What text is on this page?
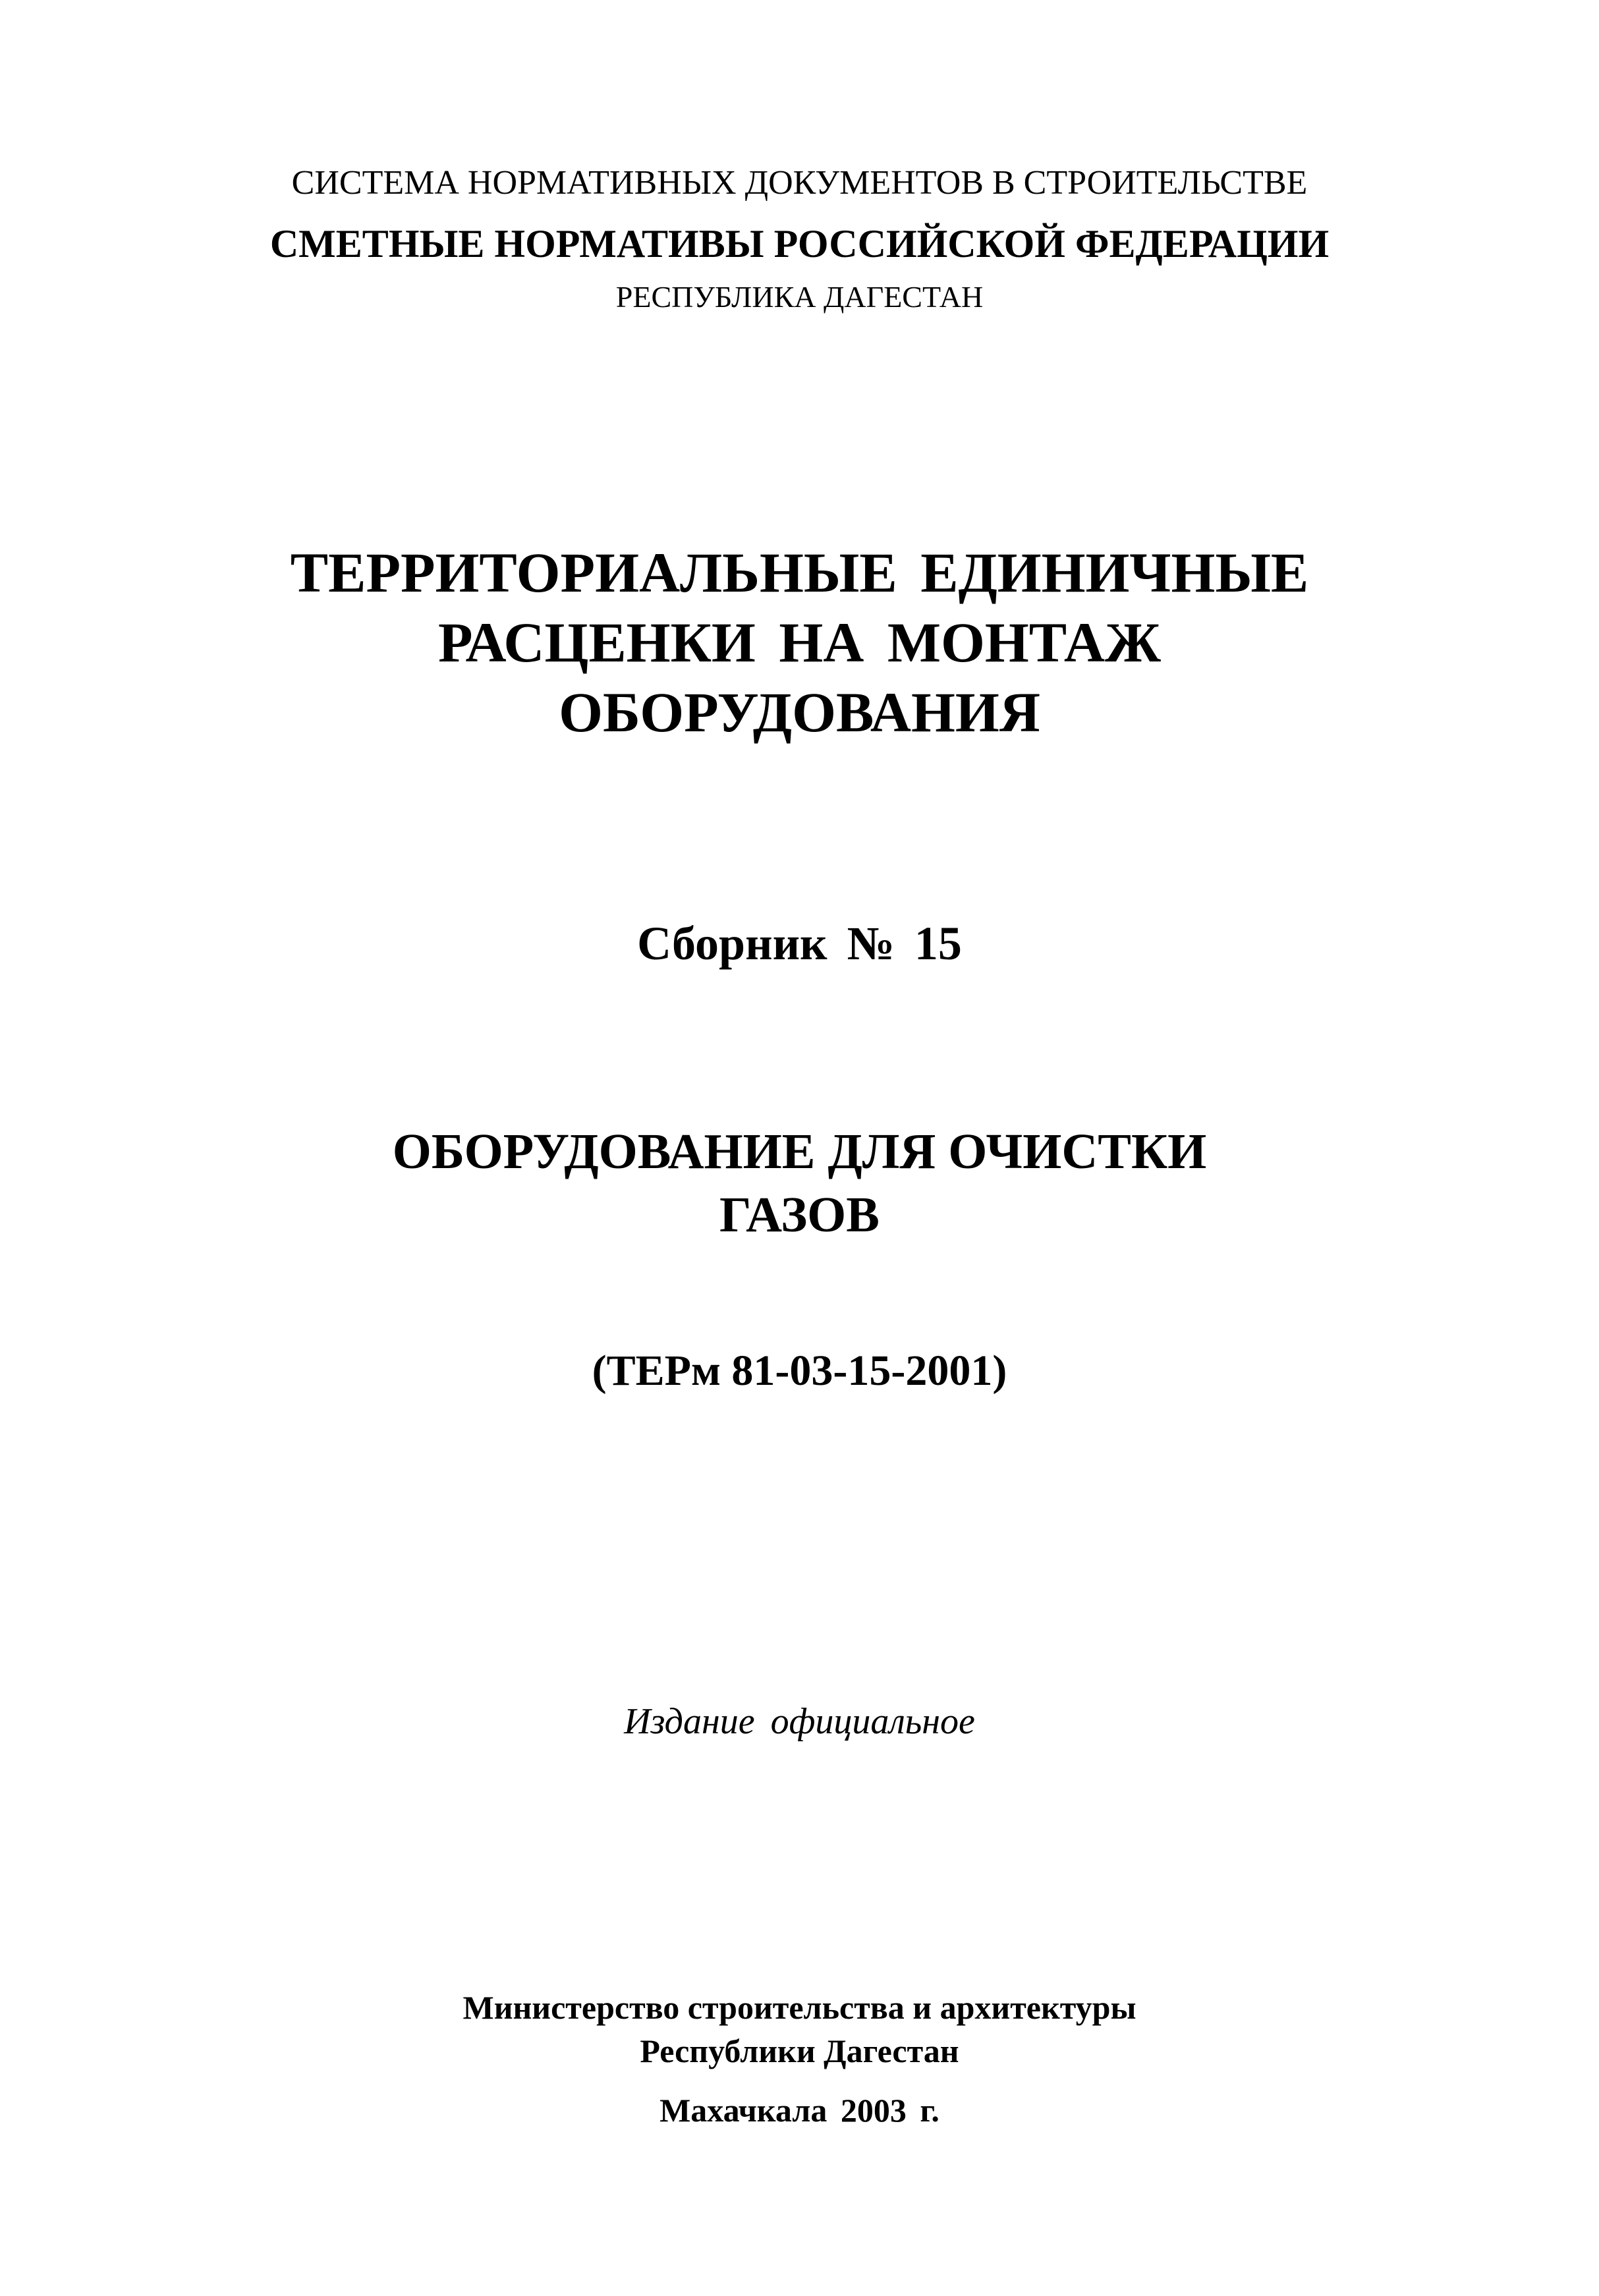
СИСТЕМА НОРМАТИВНЫХ ДОКУМЕНТОВ В СТРОИТЕЛЬСТВЕ
СМЕТНЫЕ НОРМАТИВЫ РОССИЙСКОЙ ФЕДЕРАЦИИ
РЕСПУБЛИКА ДАГЕСТАН
ТЕРРИТОРИАЛЬНЫЕ ЕДИНИЧНЫЕ
РАСЦЕНКИ НА МОНТАЖ
ОБОРУДОВАНИЯ
Сборник № 15
ОБОРУДОВАНИЕ ДЛЯ ОЧИСТКИ
ГАЗОВ
(ТЕРм 81-03-15-2001)
Издание официальное
Министерство строительства и архитектуры
Республики Дагестан
Махачкала 2003 г.
